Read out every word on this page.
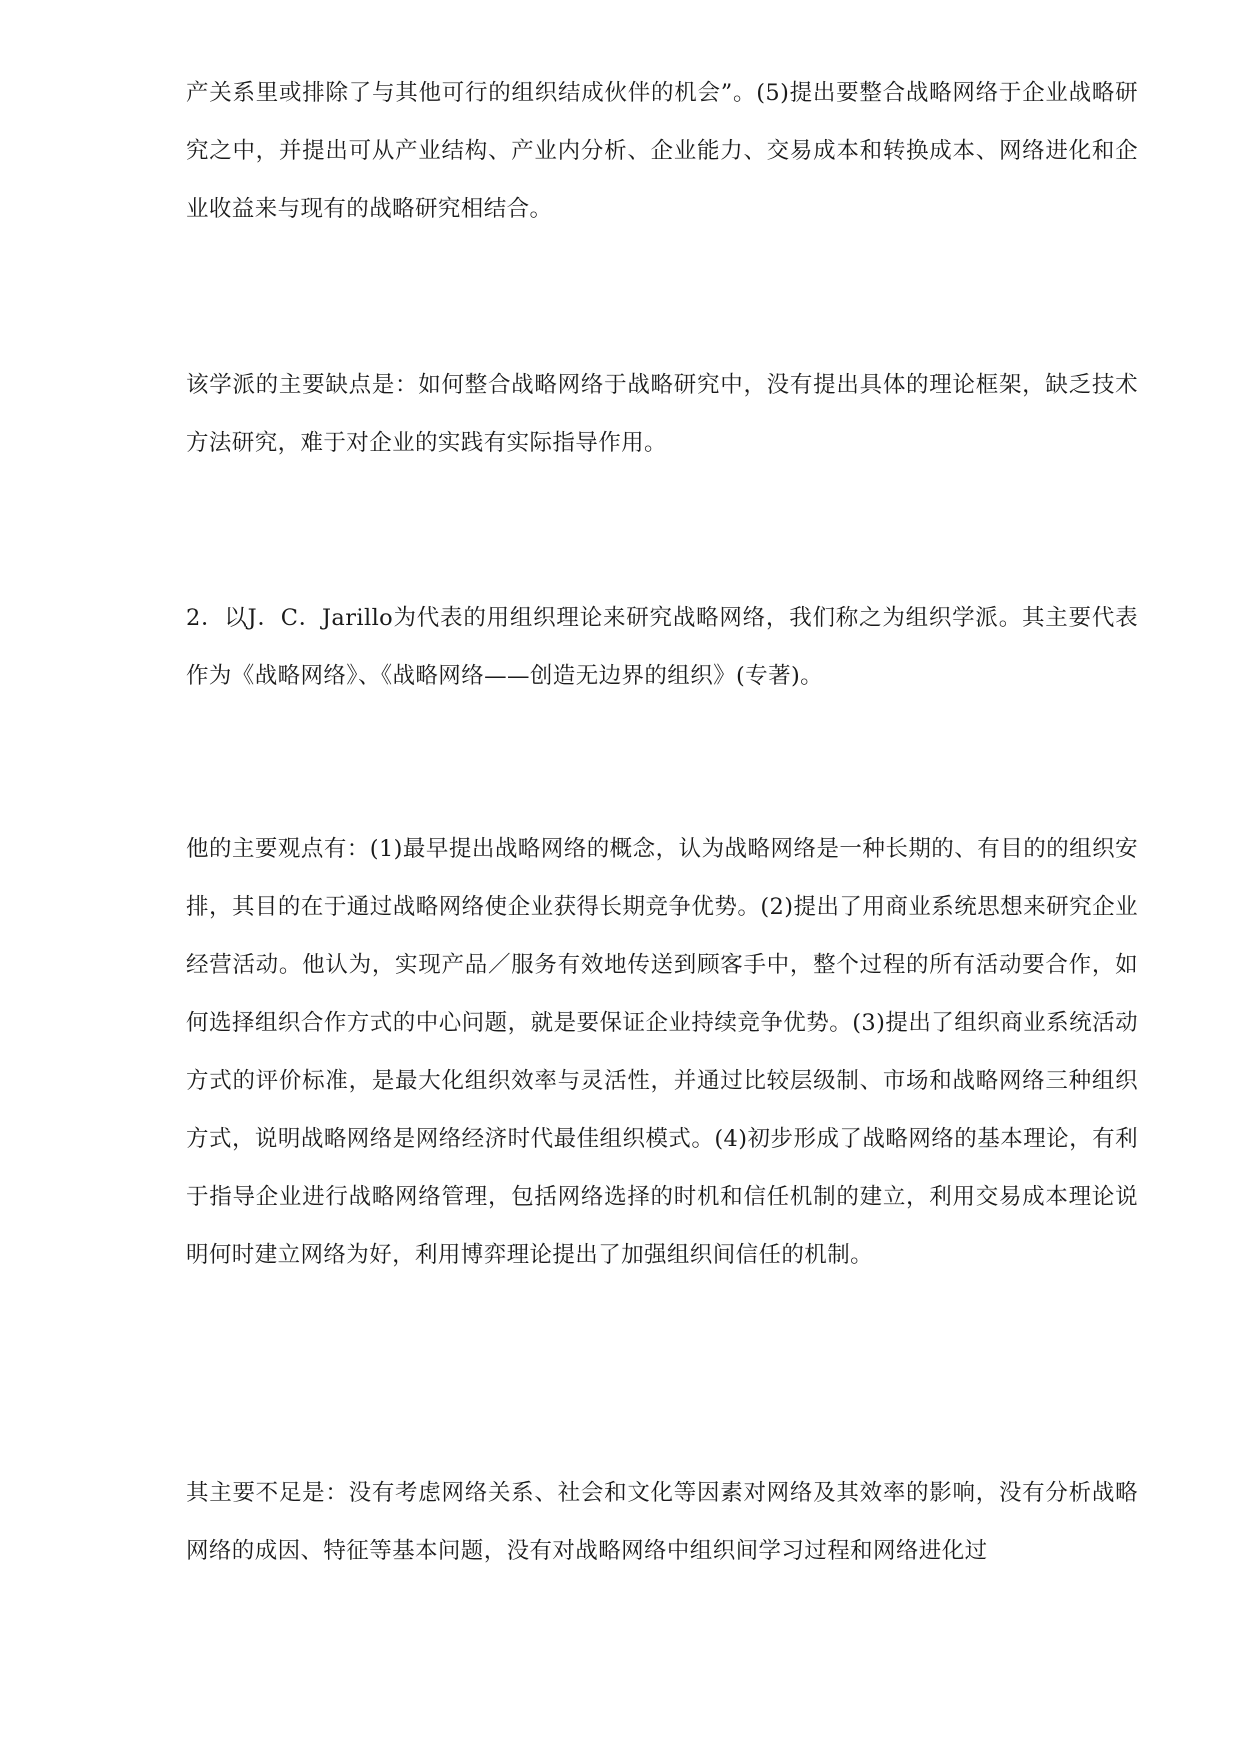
产关系里或排除了与其他可行的组织结成伙伴的机会”。(5)提出要整合战略网络于企业战略研究之中，并提出可从产业结构、产业内分析、企业能力、交易成本和转换成本、网络进化和企业收益来与现有的战略研究相结合。

该学派的主要缺点是：如何整合战略网络于战略研究中，没有提出具体的理论框架，缺乏技术方法研究，难于对企业的实践有实际指导作用。

2．以J．C．Jarillo为代表的用组织理论来研究战略网络，我们称之为组织学派。其主要代表作为《战略网络》、《战略网络——创造无边界的组织》(专著)。

他的主要观点有：(1)最早提出战略网络的概念，认为战略网络是一种长期的、有目的的组织安排，其目的在于通过战略网络使企业获得长期竞争优势。(2)提出了用商业系统思想来研究企业经营活动。他认为，实现产品／服务有效地传送到顾客手中，整个过程的所有活动要合作，如何选择组织合作方式的中心问题，就是要保证企业持续竞争优势。(3)提出了组织商业系统活动方式的评价标准，是最大化组织效率与灵活性，并通过比较层级制、市场和战略网络三种组织方式，说明战略网络是网络经济时代最佳组织模式。(4)初步形成了战略网络的基本理论，有利于指导企业进行战略网络管理，包括网络选择的时机和信任机制的建立，利用交易成本理论说明何时建立网络为好，利用博弈理论提出了加强组织间信任的机制。

其主要不足是：没有考虑网络关系、社会和文化等因素对网络及其效率的影响，没有分析战略网络的成因、特征等基本问题，没有对战略网络中组织间学习过程和网络进化过
